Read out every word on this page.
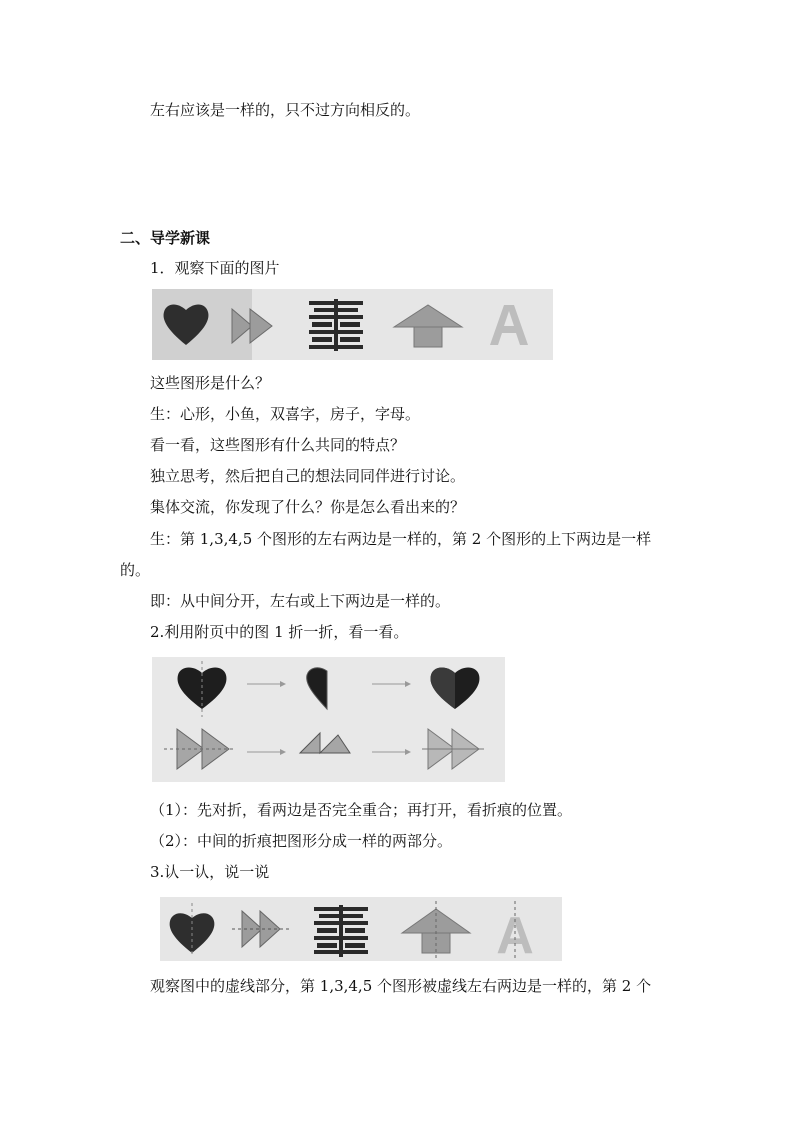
左右应该是一样的，只不过方向相反的。
二、导学新课
1．观察下面的图片
这些图形是什么？
生：心形，小鱼，双喜字，房子，字母。
看一看，这些图形有什么共同的特点？
独立思考，然后把自己的想法同同伴进行讨论。
集体交流，你发现了什么？你是怎么看出来的？
生：第 1,3,4,5 个图形的左右两边是一样的，第 2 个图形的上下两边是一样
的。
即：从中间分开，左右或上下两边是一样的。
2.利用附页中的图 1 折一折，看一看。
（1）：先对折，看两边是否完全重合；再打开，看折痕的位置。
（2）：中间的折痕把图形分成一样的两部分。
3.认一认，说一说
A
观察图中的虚线部分，第 1,3,4,5 个图形被虚线左右两边是一样的，第 2 个
